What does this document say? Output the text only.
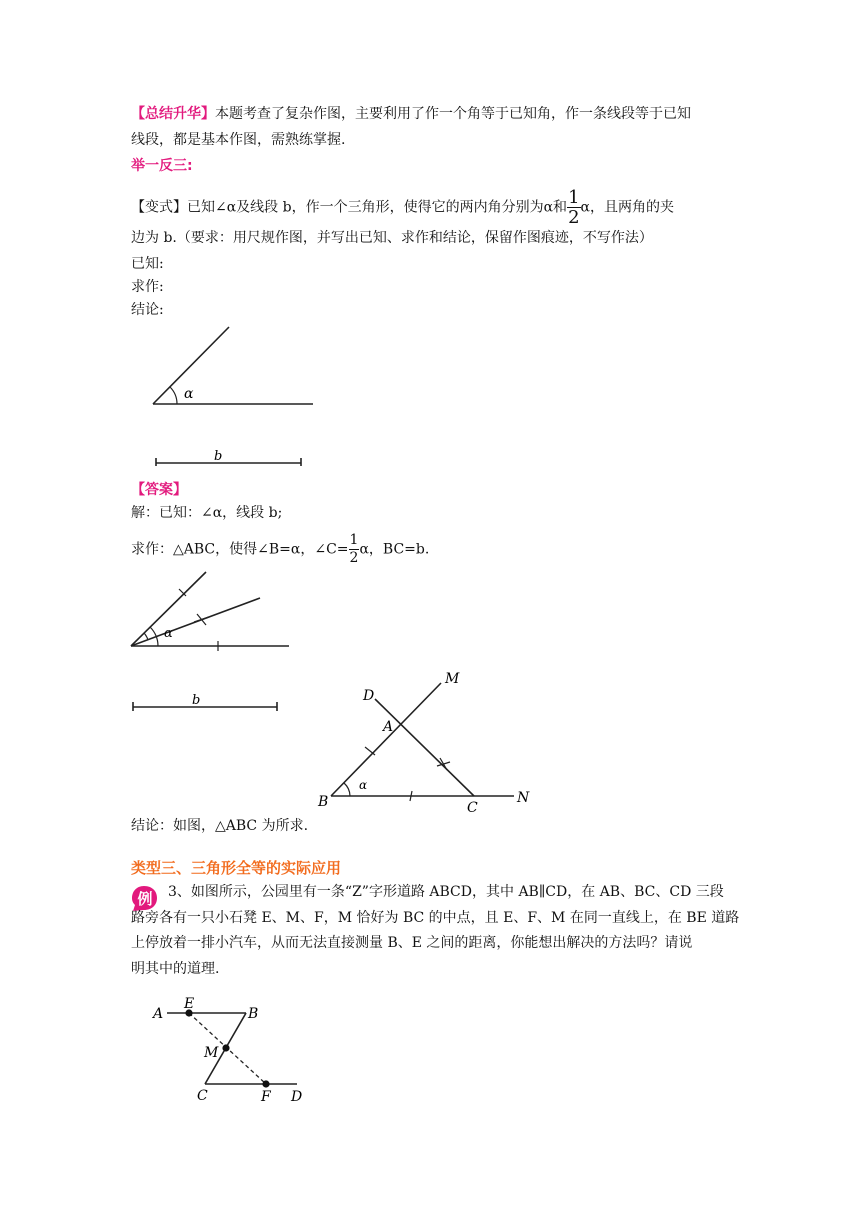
【总结升华】本题考查了复杂作图，主要利用了作一个角等于已知角，作一条线段等于已知
线段，都是基本作图，需熟练掌握.
举一反三:
【变式】已知∠α及线段 b，作一个三角形，使得它的两内角分别为α和 $\frac{1}{2}$ α，且两角的夹
边为 b.（要求：用尺规作图，并写出已知、求作和结论，保留作图痕迹，不写作法）
已知:
求作:
结论:
α
b
【答案】
解：已知：∠α，线段 b;
求作：△ABC，使得∠B=α，∠C= $\frac{1}{2}$ α，BC=b.
α
b	D
M
A
B	C
N
α
结论：如图，△ABC 为所求.
类型三、三角形全等的实际应用
例 3、如图所示，公园里有一条“Z”字形道路 ABCD，其中 AB∥CD，在 AB、BC、CD 三段
路旁各有一只小石凳 E、M、F，M 恰好为 BC 的中点，且 E、F、M 在同一直线上，在 BE 道路
上停放着一排小汽车，从而无法直接测量 B、E 之间的距离，你能想出解决的方法吗？请说
明其中的道理.
A
E
B
M
C	F D
